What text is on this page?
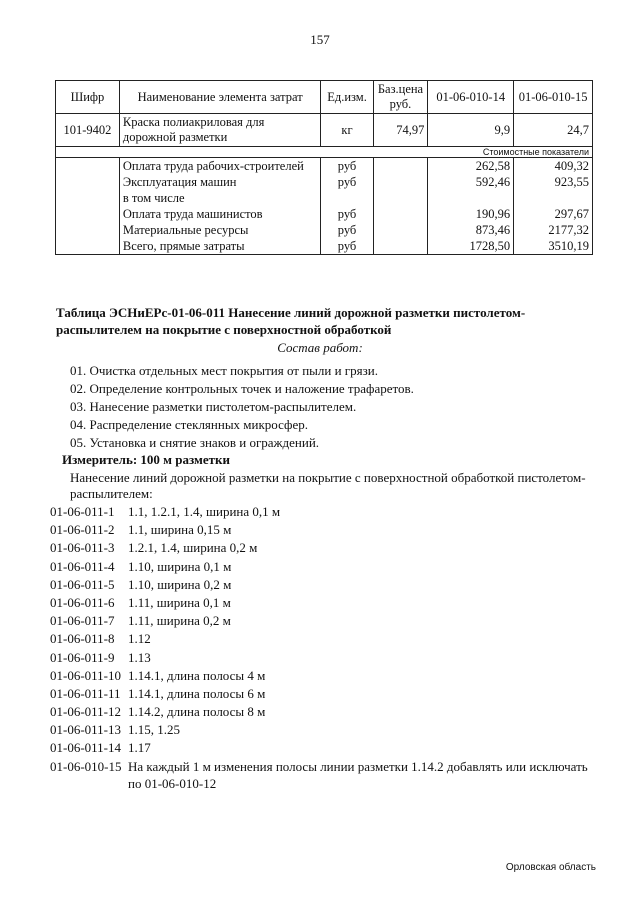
157
Шифр	Наименование элемента затрат	Ед.изм.	Баз.цена руб.	01-06-010-14	01-06-010-15
101-9402	Краска полиакриловая для дорожной разметки	кг	74,97	9,9	24,7
Стоимостные показатели					
	Оплата труда рабочих-строителей	руб		262,58	409,32
	Эксплуатация машин	руб		592,46	923,55
	в том числе				
	Оплата труда машинистов	руб		190,96	297,67
	Материальные ресурсы	руб		873,46	2177,32
	Всего, прямые затраты	руб		1728,50	3510,19
Таблица ЭСНиЕРс-01-06-011 Нанесение линий дорожной разметки пистолетом-распылителем на покрытие с поверхностной обработкой
Состав работ:
01. Очистка отдельных мест покрытия от пыли и грязи.
02. Определение контрольных точек и наложение трафаретов.
03. Нанесение разметки пистолетом-распылителем.
04. Распределение стеклянных микросфер.
05. Установка и снятие знаков и ограждений.
Измеритель: 100 м разметки
Нанесение линий дорожной разметки на покрытие с поверхностной обработкой пистолетом-распылителем:
01-06-011-1	1.1, 1.2.1, 1.4, ширина 0,1 м
01-06-011-2	1.1, ширина 0,15 м
01-06-011-3	1.2.1, 1.4, ширина 0,2 м
01-06-011-4	1.10, ширина 0,1 м
01-06-011-5	1.10, ширина 0,2 м
01-06-011-6	1.11, ширина 0,1 м
01-06-011-7	1.11, ширина 0,2 м
01-06-011-8	1.12
01-06-011-9	1.13
01-06-011-10 1.14.1, длина полосы 4 м
01-06-011-11 1.14.1, длина полосы 6 м
01-06-011-12 1.14.2, длина полосы 8 м
01-06-011-13 1.15, 1.25
01-06-011-14 1.17
01-06-010-15 На каждый 1 м изменения полосы линии разметки 1.14.2 добавлять или исключать по 01-06-010-12
Орловская область
